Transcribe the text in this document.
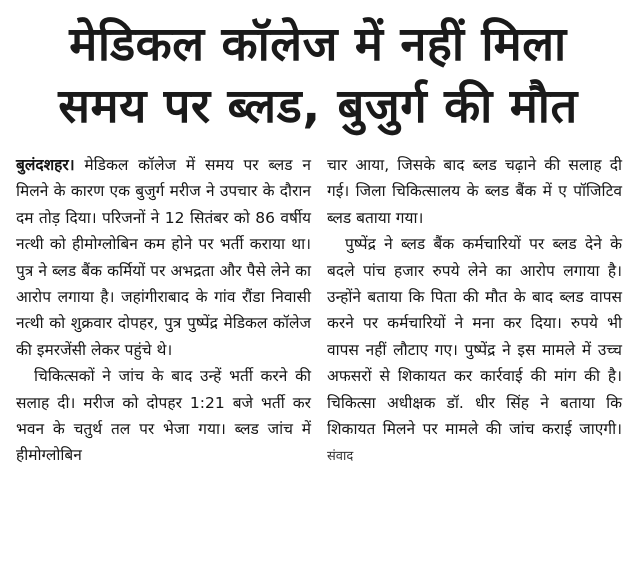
मेडिकल कॉलेज में नहीं मिला
समय पर ब्लड, बुजुर्ग की मौत

बुलंदशहर। मेडिकल कॉलेज में समय पर ब्लड न मिलने के कारण एक बुजुर्ग मरीज ने उपचार के दौरान दम तोड़ दिया। परिजनों ने 12 सितंबर को 86 वर्षीय नत्थी को हीमोग्लोबिन कम होने पर भर्ती कराया था। पुत्र ने ब्लड बैंक कर्मियों पर अभद्रता और पैसे लेने का आरोप लगाया है। जहांगीराबाद के गांव रौंडा निवासी नत्थी को शुक्रवार दोपहर, पुत्र पुष्पेंद्र मेडिकल कॉलेज की इमरजेंसी लेकर पहुंचे थे।

चिकित्सकों ने जांच के बाद उन्हें भर्ती करने की सलाह दी। मरीज को दोपहर 1:21 बजे भर्ती कर भवन के चतुर्थ तल पर भेजा गया। ब्लड जांच में हीमोग्लोबिन

चार आया, जिसके बाद ब्लड चढ़ाने की सलाह दी गई। जिला चिकित्सालय के ब्लड बैंक में ए पॉजिटिव ब्लड बताया गया।

पुष्पेंद्र ने ब्लड बैंक कर्मचारियों पर ब्लड देने के बदले पांच हजार रुपये लेने का आरोप लगाया है। उन्होंने बताया कि पिता की मौत के बाद ब्लड वापस करने पर कर्मचारियों ने मना कर दिया। रुपये भी वापस नहीं लौटाए गए। पुष्पेंद्र ने इस मामले में उच्च अफसरों से शिकायत कर कार्रवाई की मांग की है। चिकित्सा अधीक्षक डॉ. धीर सिंह ने बताया कि शिकायत मिलने पर मामले की जांच कराई जाएगी। संवाद
